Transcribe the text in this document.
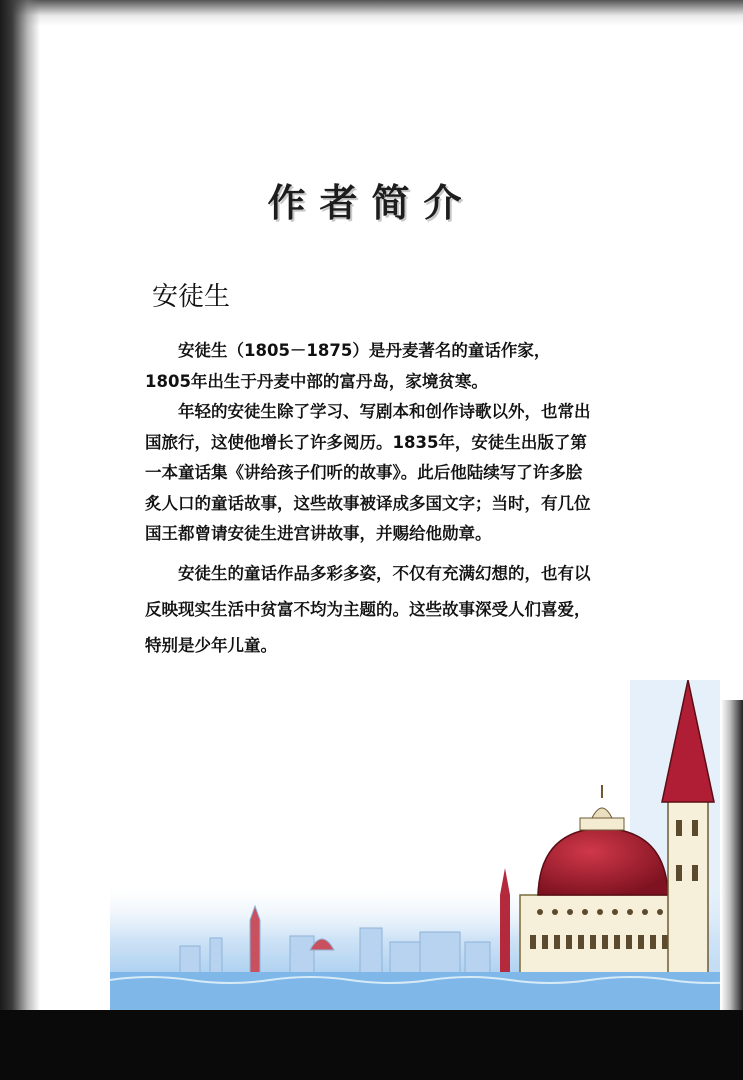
作者简介
安徒生

安徒生（1805－1875）是丹麦著名的童话作家，1805年出生于丹麦中部的富丹岛，家境贫寒。

年轻的安徒生除了学习、写剧本和创作诗歌以外，也常出国旅行，这使他增长了许多阅历。1835年，安徒生出版了第一本童话集《讲给孩子们听的故事》。此后他陆续写了许多脍炙人口的童话故事，这些故事被译成多国文字；当时，有几位国王都曾请安徒生进宫讲故事，并赐给他勋章。

安徒生的童话作品多彩多姿，不仅有充满幻想的，也有以反映现实生活中贫富不均为主题的。这些故事深受人们喜爱，特别是少年儿童。
